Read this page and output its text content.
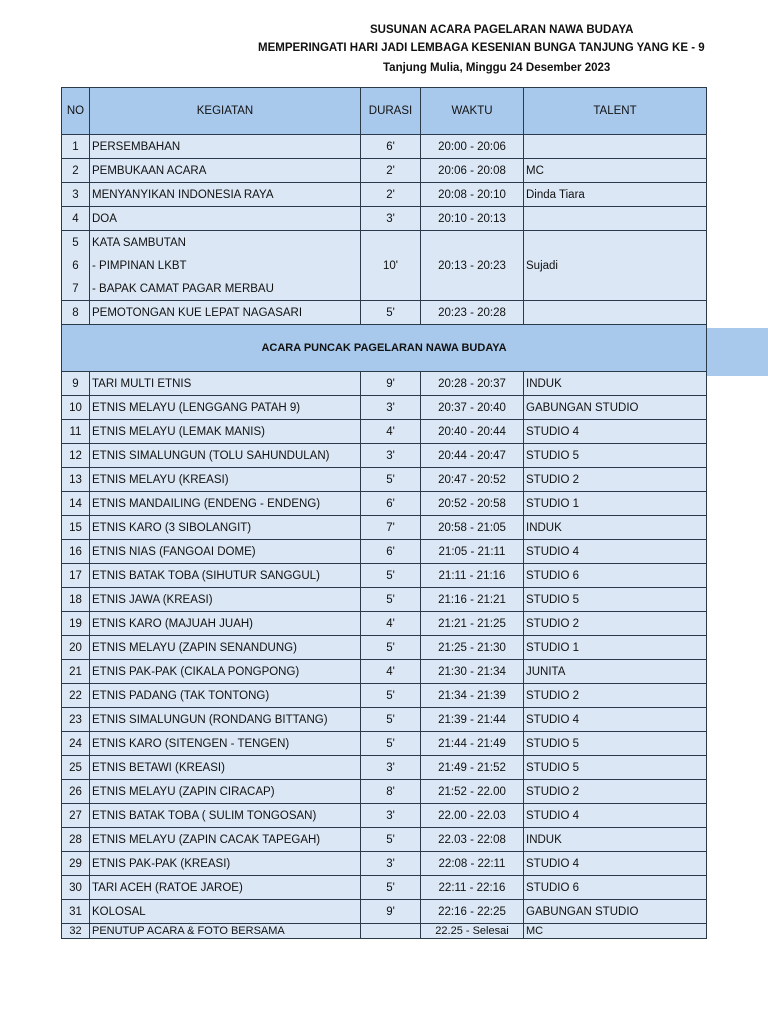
SUSUNAN ACARA PAGELARAN NAWA BUDAYA
MEMPERINGATI HARI JADI LEMBAGA KESENIAN BUNGA TANJUNG YANG KE - 9
Tanjung Mulia, Minggu 24 Desember 2023
NO	KEGIATAN	DURASI	WAKTU	TALENT
1	PERSEMBAHAN	6'	20:00 - 20:06	
2	PEMBUKAAN ACARA	2'	20:06 - 20:08	MC
3	MENYANYIKAN INDONESIA RAYA	2'	20:08 - 20:10	Dinda Tiara
4	DOA	3'	20:10 - 20:13	
5	KATA SAMBUTAN	10'	20:13 - 20:23	Sujadi
6	- PIMPINAN LKBT			
7	- BAPAK CAMAT PAGAR MERBAU			
8	PEMOTONGAN KUE LEPAT NAGASARI	5'	20:23 - 20:28	
ACARA PUNCAK PAGELARAN NAWA BUDAYA				
9	TARI MULTI ETNIS	9'	20:28 - 20:37	INDUK
10	ETNIS MELAYU (LENGGANG PATAH 9)	3'	20:37 - 20:40	GABUNGAN STUDIO
11	ETNIS MELAYU (LEMAK MANIS)	4'	20:40 - 20:44	STUDIO 4
12	ETNIS SIMALUNGUN (TOLU SAHUNDULAN)	3'	20:44 - 20:47	STUDIO 5
13	ETNIS MELAYU (KREASI)	5'	20:47 - 20:52	STUDIO 2
14	ETNIS MANDAILING (ENDENG - ENDENG)	6'	20:52 - 20:58	STUDIO 1
15	ETNIS KARO (3 SIBOLANGIT)	7'	20:58 - 21:05	INDUK
16	ETNIS NIAS (FANGOAI DOME)	6'	21:05 - 21:11	STUDIO 4
17	ETNIS BATAK TOBA (SIHUTUR SANGGUL)	5'	21:11 - 21:16	STUDIO 6
18	ETNIS JAWA (KREASI)	5'	21:16 - 21:21	STUDIO 5
19	ETNIS KARO (MAJUAH JUAH)	4'	21:21 - 21:25	STUDIO 2
20	ETNIS MELAYU (ZAPIN SENANDUNG)	5'	21:25 - 21:30	STUDIO 1
21	ETNIS PAK-PAK (CIKALA PONGPONG)	4'	21:30 - 21:34	JUNITA
22	ETNIS PADANG (TAK TONTONG)	5'	21:34 - 21:39	STUDIO 2
23	ETNIS SIMALUNGUN (RONDANG BITTANG)	5'	21:39 - 21:44	STUDIO 4
24	ETNIS KARO (SITENGEN - TENGEN)	5'	21:44 - 21:49	STUDIO 5
25	ETNIS BETAWI (KREASI)	3'	21:49 - 21:52	STUDIO 5
26	ETNIS MELAYU (ZAPIN CIRACAP)	8'	21:52 - 22.00	STUDIO 2
27	ETNIS BATAK TOBA ( SULIM TONGOSAN)	3'	22.00 - 22.03	STUDIO 4
28	ETNIS MELAYU (ZAPIN CACAK TAPEGAH)	5'	22.03 - 22:08	INDUK
29	ETNIS PAK-PAK (KREASI)	3'	22:08 - 22:11	STUDIO 4
30	TARI ACEH (RATOE JAROE)	5'	22:11 - 22:16	STUDIO 6
31	KOLOSAL	9'	22:16 - 22:25	GABUNGAN STUDIO
32	PENUTUP ACARA & FOTO BERSAMA		22.25 - Selesai	MC
